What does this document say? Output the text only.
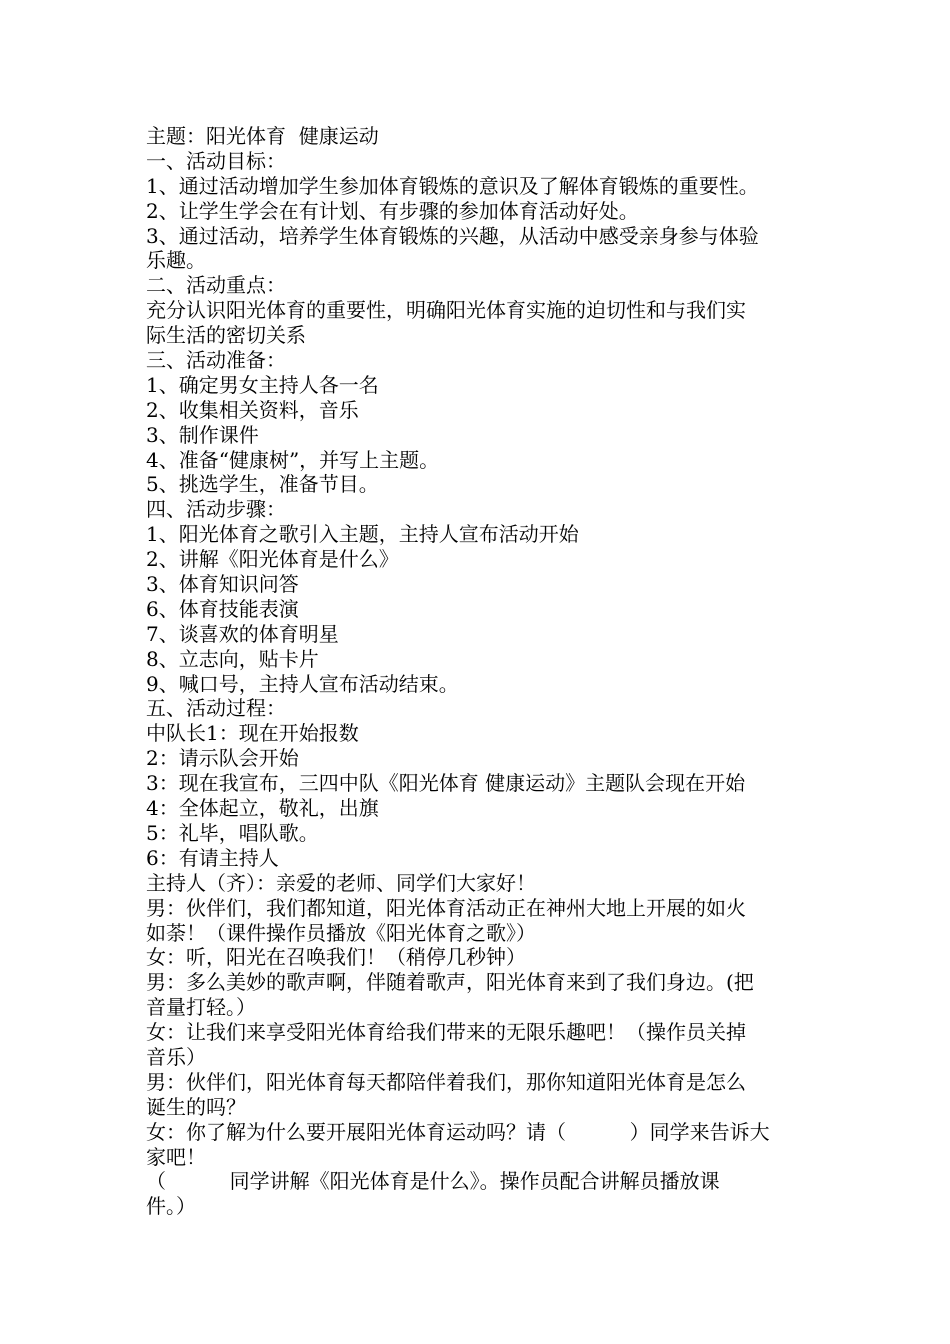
主题：阳光体育  健康运动
一、活动目标：
1、通过活动增加学生参加体育锻炼的意识及了解体育锻炼的重要性。
2、让学生学会在有计划、有步骤的参加体育活动好处。
3、通过活动，培养学生体育锻炼的兴趣，从活动中感受亲身参与体验
乐趣。
二、活动重点：
充分认识阳光体育的重要性，明确阳光体育实施的迫切性和与我们实
际生活的密切关系
三、活动准备：
1、确定男女主持人各一名
2、收集相关资料，音乐
3、制作课件
4、准备“健康树”，并写上主题。
5、挑选学生，准备节目。
四、活动步骤：
1、阳光体育之歌引入主题，主持人宣布活动开始
2、讲解《阳光体育是什么》
3、体育知识问答
6、体育技能表演
7、谈喜欢的体育明星
8、立志向，贴卡片
9、喊口号，主持人宣布活动结束。
五、活动过程：
中队长1：现在开始报数
2：请示队会开始
3：现在我宣布，三四中队《阳光体育 健康运动》主题队会现在开始
4：全体起立，敬礼，出旗
5：礼毕，唱队歌。
6：有请主持人
主持人（齐）：亲爱的老师、同学们大家好！
男：伙伴们，我们都知道，阳光体育活动正在神州大地上开展的如火
如荼！（课件操作员播放《阳光体育之歌》）
女：听，阳光在召唤我们！（稍停几秒钟）
男：多么美妙的歌声啊，伴随着歌声，阳光体育来到了我们身边。(把
音量打轻。）
女：让我们来享受阳光体育给我们带来的无限乐趣吧！（操作员关掉
音乐）
男：伙伴们，阳光体育每天都陪伴着我们，那你知道阳光体育是怎么
诞生的吗？
女：你了解为什么要开展阳光体育运动吗？请（          ）同学来告诉大
家吧！
（          同学讲解《阳光体育是什么》。操作员配合讲解员播放课
件。）
